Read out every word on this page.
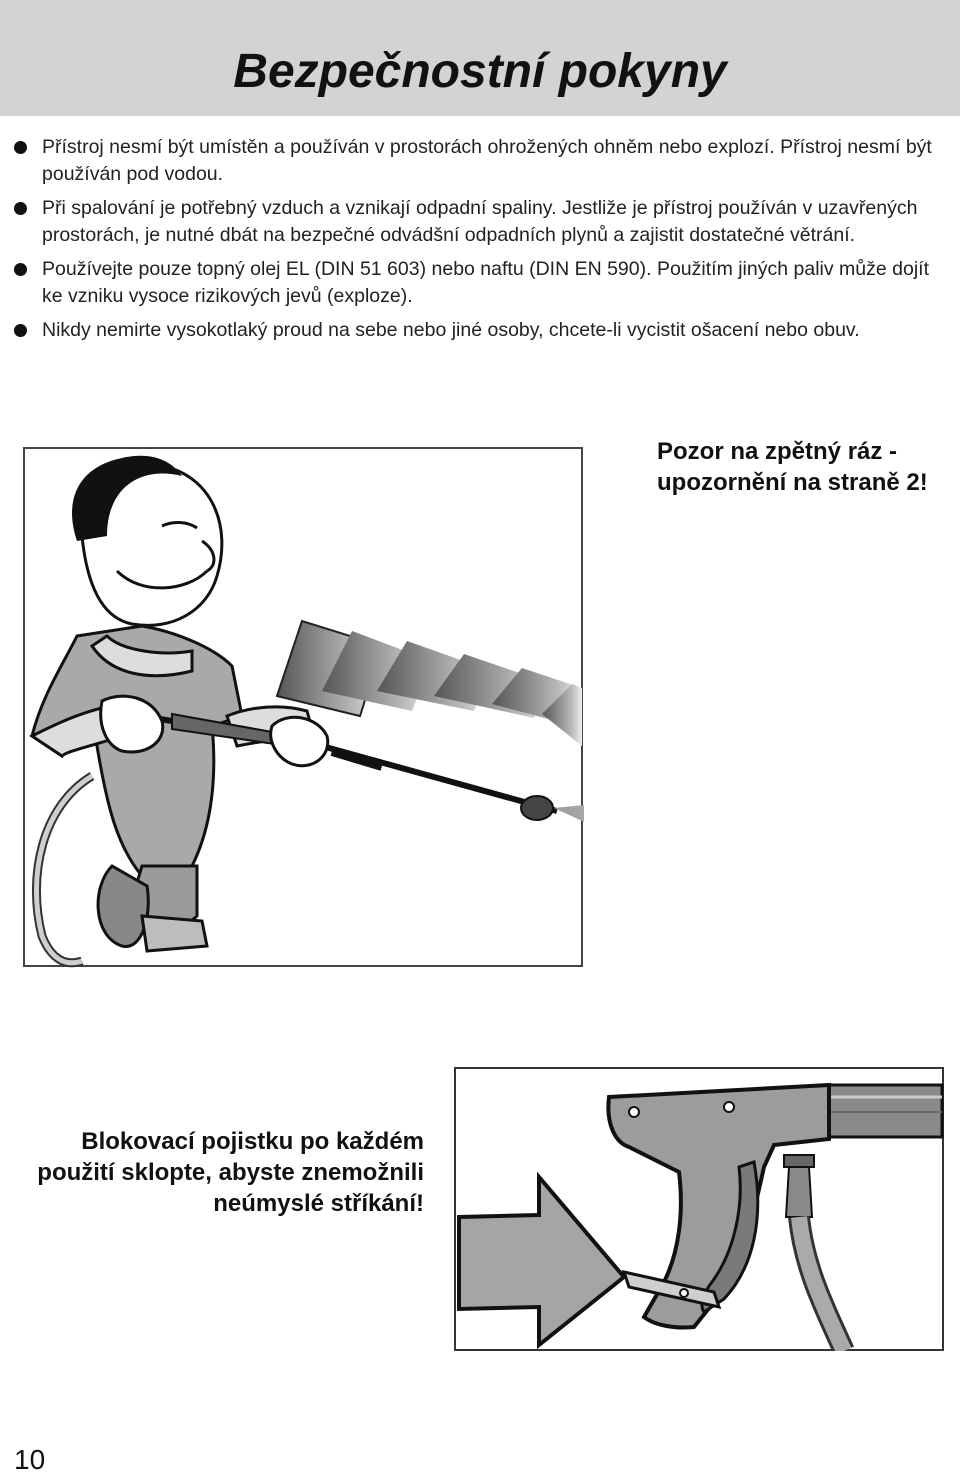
Bezpečnostní pokyny
Přístroj nesmí být umístěn a používán v prostorách ohrožených ohněm nebo explozí. Přístroj nesmí být používán pod vodou.
Při spalování je potřebný vzduch a vznikají odpadní spaliny. Jestliže je přístroj používán v uzavřených prostorách, je nutné dbát na bezpečné odvádšní odpadních plynů a zajistit dostatečné větrání.
Používejte pouze topný olej EL (DIN 51 603) nebo naftu (DIN EN 590). Použitím jiných paliv může dojít ke vzniku vysoce rizikových jevů (exploze).
Nikdy nemirte vysokotlaký proud na sebe nebo jiné osoby, chcete-li vycistit ošacení nebo obuv.
Pozor na zpětný ráz - upozornění na straně 2!
Blokovací pojistku po každém použití sklopte, abyste znemožnili neúmyslé stříkání!
10
